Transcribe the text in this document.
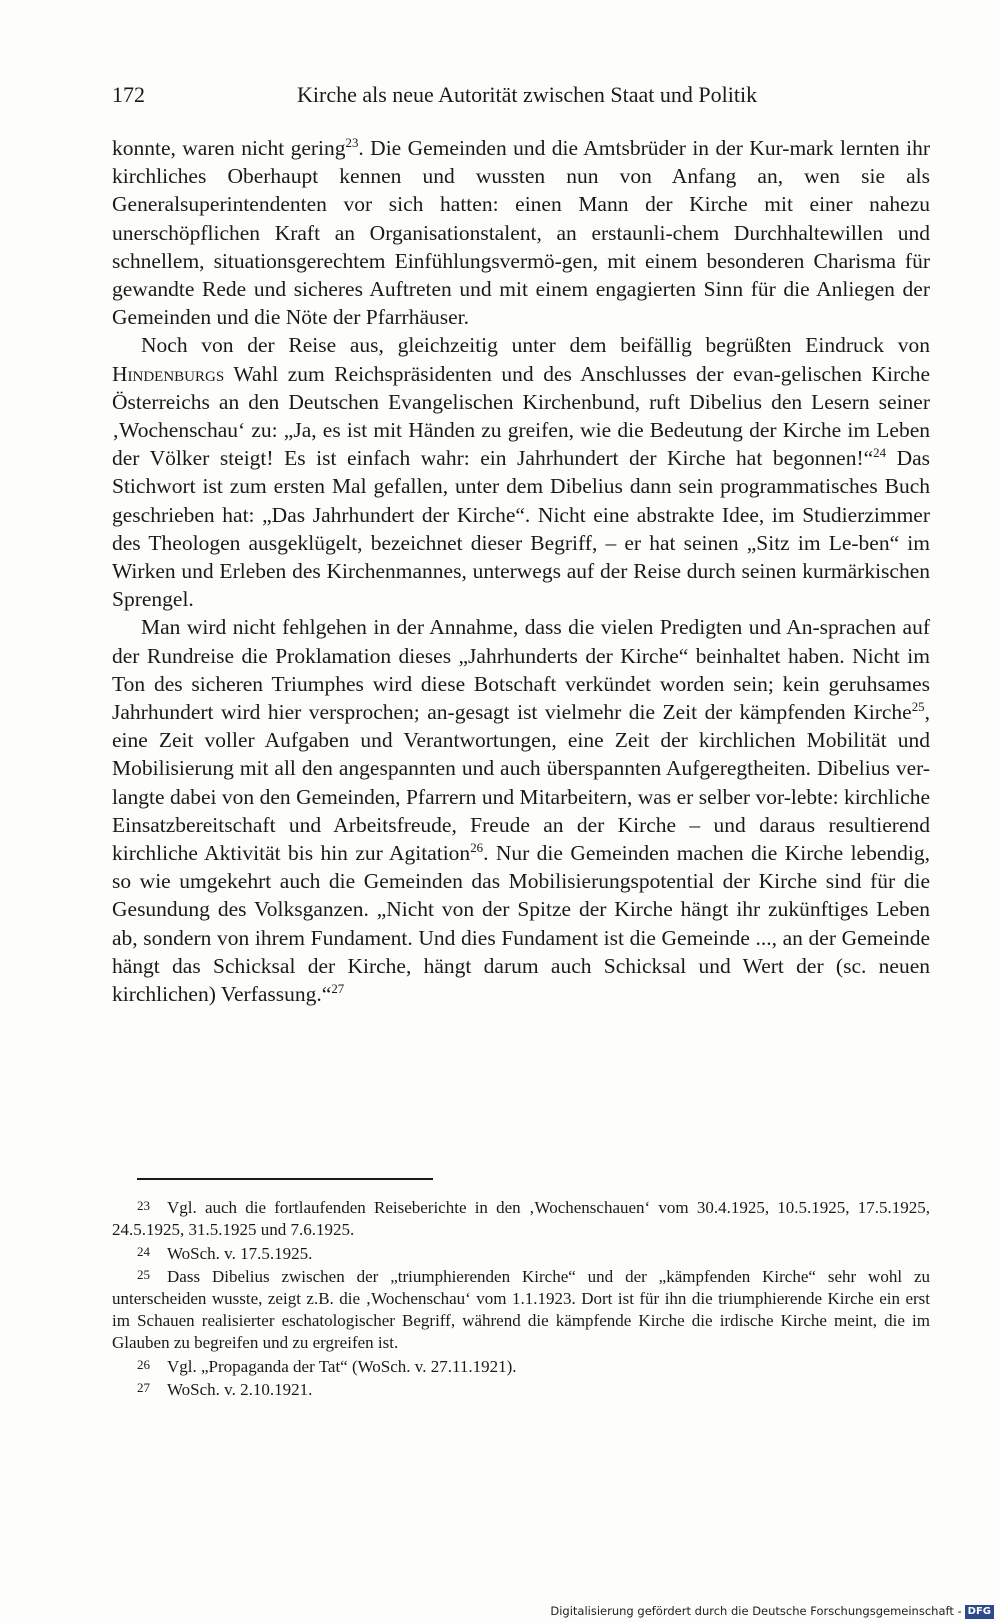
172	Kirche als neue Autorität zwischen Staat und Politik

konnte, waren nicht gering$^{23}$. Die Gemeinden und die Amtsbrüder in der Kur-mark lernten ihr kirchliches Oberhaupt kennen und wussten nun von Anfang an, wen sie als Generalsuperintendenten vor sich hatten: einen Mann der Kirche mit einer nahezu unerschöpflichen Kraft an Organisationstalent, an erstaunli-chem Durchhaltewillen und schnellem, situationsgerechtem Einfühlungsvermö-gen, mit einem besonderen Charisma für gewandte Rede und sicheres Auftreten und mit einem engagierten Sinn für die Anliegen der Gemeinden und die Nöte der Pfarrhäuser.

Noch von der Reise aus, gleichzeitig unter dem beifällig begrüßten Eindruck von Hindenburgs Wahl zum Reichspräsidenten und des Anschlusses der evan-gelischen Kirche Österreichs an den Deutschen Evangelischen Kirchenbund, ruft Dibelius den Lesern seiner ‚Wochenschau‘ zu: „Ja, es ist mit Händen zu greifen, wie die Bedeutung der Kirche im Leben der Völker steigt! Es ist einfach wahr: ein Jahrhundert der Kirche hat begonnen!“$^{24}$ Das Stichwort ist zum ersten Mal gefallen, unter dem Dibelius dann sein programmatisches Buch geschrieben hat: „Das Jahrhundert der Kirche“. Nicht eine abstrakte Idee, im Studierzimmer des Theologen ausgeklügelt, bezeichnet dieser Begriff, – er hat seinen „Sitz im Le-ben“ im Wirken und Erleben des Kirchenmannes, unterwegs auf der Reise durch seinen kurmärkischen Sprengel.

Man wird nicht fehlgehen in der Annahme, dass die vielen Predigten und An-sprachen auf der Rundreise die Proklamation dieses „Jahrhunderts der Kirche“ beinhaltet haben. Nicht im Ton des sicheren Triumphes wird diese Botschaft verkündet worden sein; kein geruhsames Jahrhundert wird hier versprochen; an-gesagt ist vielmehr die Zeit der kämpfenden Kirche$^{25}$, eine Zeit voller Aufgaben und Verantwortungen, eine Zeit der kirchlichen Mobilität und Mobilisierung mit all den angespannten und auch überspannten Aufgeregtheiten. Dibelius ver-langte dabei von den Gemeinden, Pfarrern und Mitarbeitern, was er selber vor-lebte: kirchliche Einsatzbereitschaft und Arbeitsfreude, Freude an der Kirche – und daraus resultierend kirchliche Aktivität bis hin zur Agitation$^{26}$. Nur die Gemeinden machen die Kirche lebendig, so wie umgekehrt auch die Gemeinden das Mobilisierungspotential der Kirche sind für die Gesundung des Volksganzen. „Nicht von der Spitze der Kirche hängt ihr zukünftiges Leben ab, sondern von ihrem Fundament. Und dies Fundament ist die Gemeinde ..., an der Gemeinde hängt das Schicksal der Kirche, hängt darum auch Schicksal und Wert der (sc. neuen kirchlichen) Verfassung.“$^{27}$

23 Vgl. auch die fortlaufenden Reiseberichte in den ‚Wochenschauen‘ vom 30.4.1925, 10.5.1925, 17.5.1925, 24.5.1925, 31.5.1925 und 7.6.1925.

24 WoSch. v. 17.5.1925.

25 Dass Dibelius zwischen der „triumphierenden Kirche“ und der „kämpfenden Kirche“ sehr wohl zu unterscheiden wusste, zeigt z.B. die ‚Wochenschau‘ vom 1.1.1923. Dort ist für ihn die triumphierende Kirche ein erst im Schauen realisierter eschatologischer Begriff, während die kämpfende Kirche die irdische Kirche meint, die im Glauben zu begreifen und zu ergreifen ist.

26 Vgl. „Propaganda der Tat“ (WoSch. v. 27.11.1921).

27 WoSch. v. 2.10.1921.

Digitalisierung gefördert durch die Deutsche Forschungsgemeinschaft - DFG
